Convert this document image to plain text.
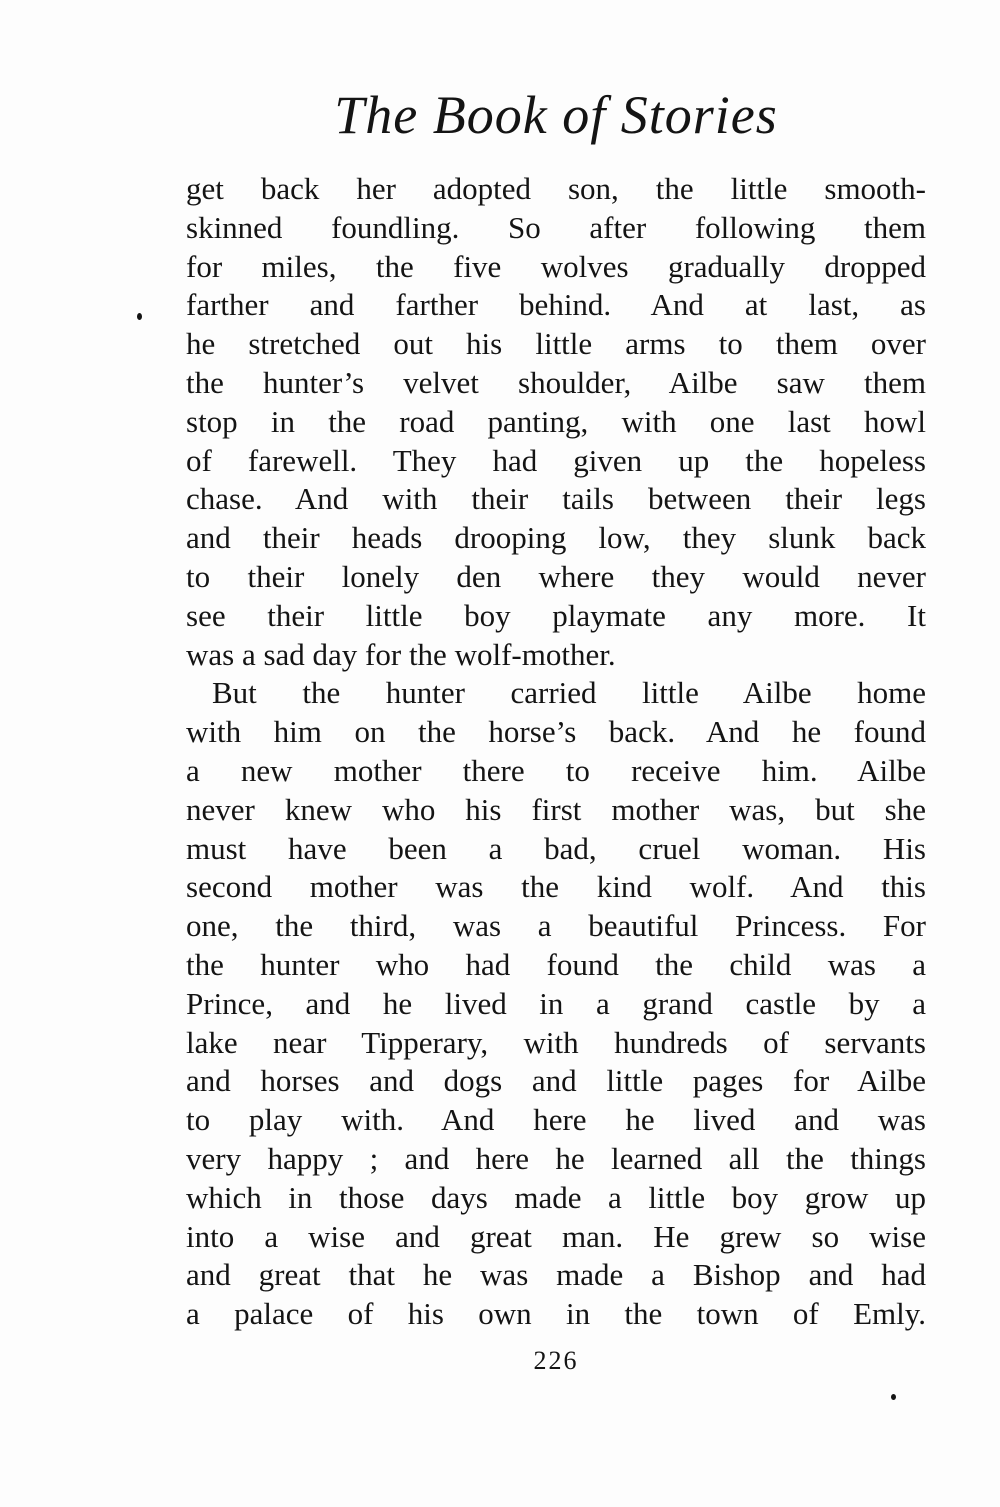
The Book of Stories
get back her adopted son, the little smooth-
skinned foundling. So after following them
for miles, the five wolves gradually dropped
farther and farther behind. And at last, as
he stretched out his little arms to them over
the hunter’s velvet shoulder, Ailbe saw them
stop in the road panting, with one last howl
of farewell. They had given up the hopeless
chase. And with their tails between their legs
and their heads drooping low, they slunk back
to their lonely den where they would never
see their little boy playmate any more. It
was a sad day for the wolf-mother.
But the hunter carried little Ailbe home
with him on the horse’s back. And he found
a new mother there to receive him. Ailbe
never knew who his first mother was, but she
must have been a bad, cruel woman. His
second mother was the kind wolf. And this
one, the third, was a beautiful Princess. For
the hunter who had found the child was a
Prince, and he lived in a grand castle by a
lake near Tipperary, with hundreds of servants
and horses and dogs and little pages for Ailbe
to play with. And here he lived and was
very happy ; and here he learned all the things
which in those days made a little boy grow up
into a wise and great man. He grew so wise
and great that he was made a Bishop and had
a palace of his own in the town of Emly.
226
